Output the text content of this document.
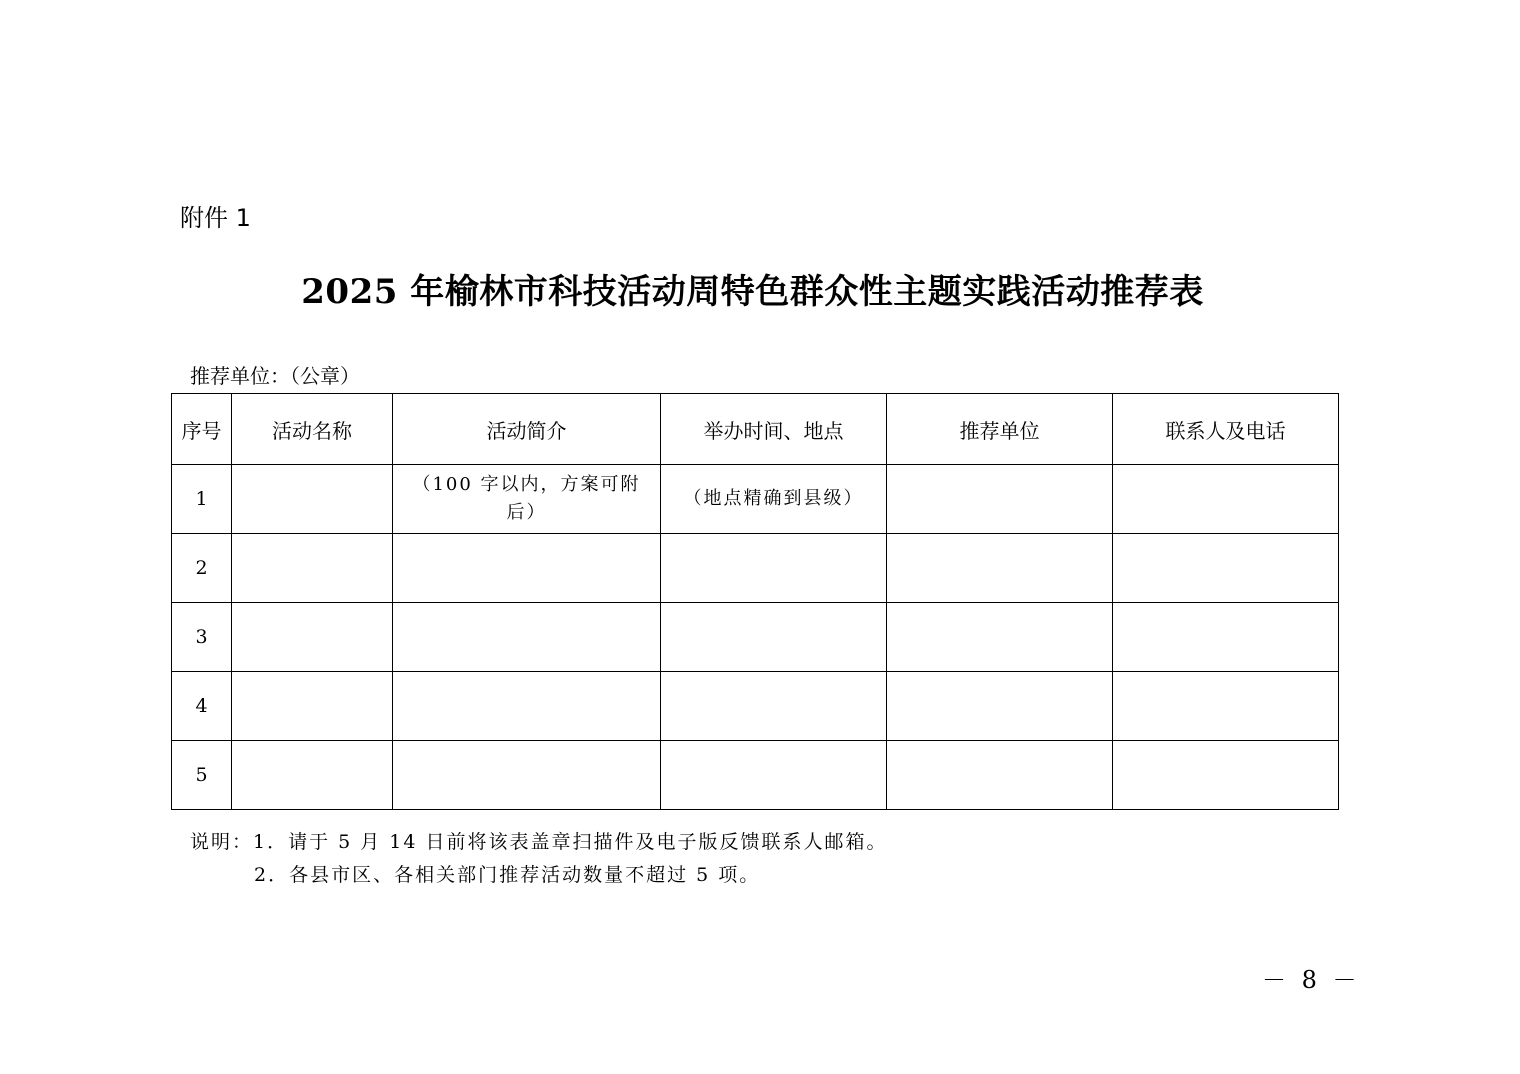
附件 1
2025 年榆林市科技活动周特色群众性主题实践活动推荐表
推荐单位：（公章）
序号	活动名称	活动简介	举办时间、地点	推荐单位	联系人及电话
1		（100 字以内，方案可附后）	（地点精确到县级）		
2					
3					
4					
5					
说明：1．请于 5 月 14 日前将该表盖章扫描件及电子版反馈联系人邮箱。
2．各县市区、各相关部门推荐活动数量不超过 5 项。
－ 8 －
